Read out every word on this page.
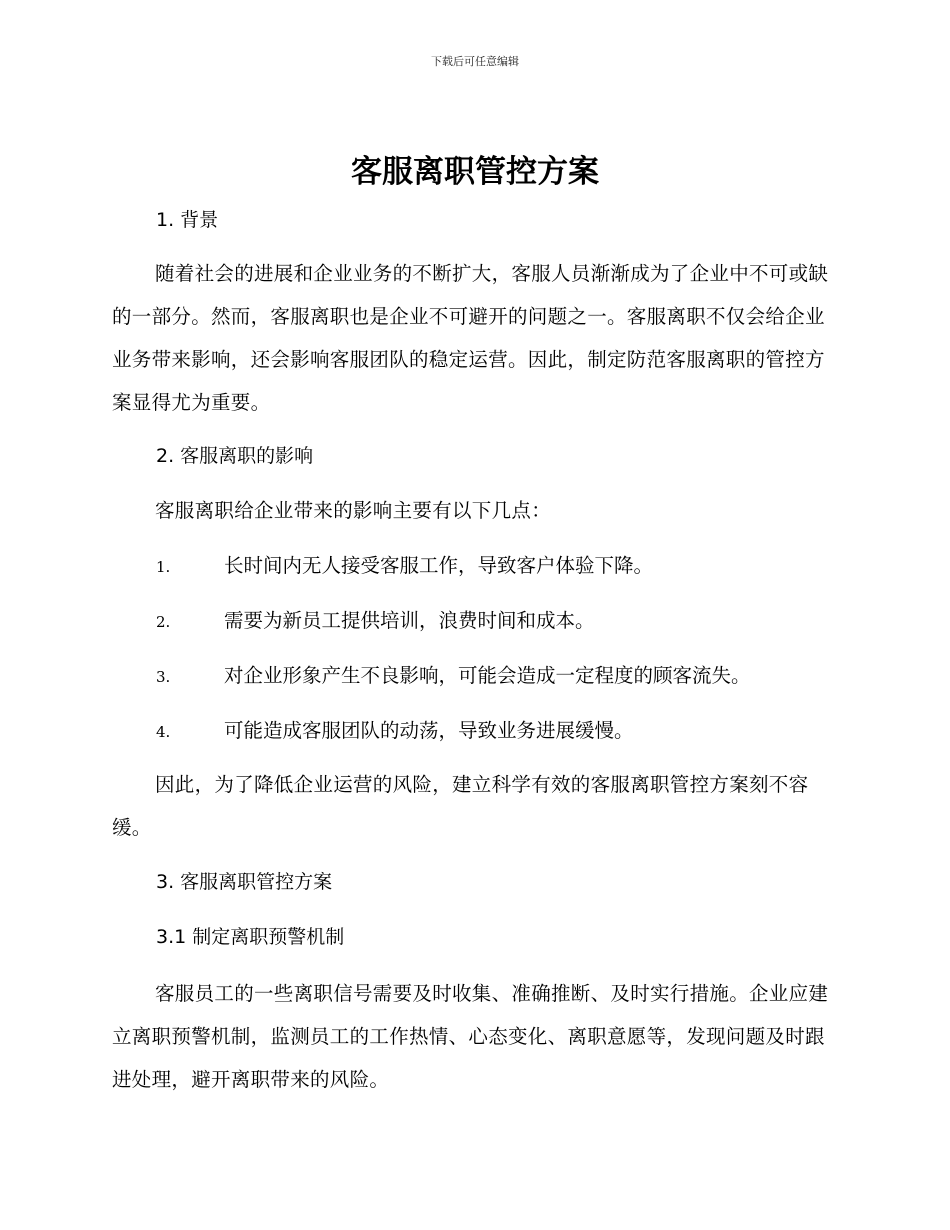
下载后可任意编辑
客服离职管控方案
1. 背景
随着社会的进展和企业业务的不断扩大，客服人员渐渐成为了企业中不可或缺的一部分。然而，客服离职也是企业不可避开的问题之一。客服离职不仅会给企业业务带来影响，还会影响客服团队的稳定运营。因此，制定防范客服离职的管控方案显得尤为重要。
2. 客服离职的影响
客服离职给企业带来的影响主要有以下几点：
1.	长时间内无人接受客服工作，导致客户体验下降。
2.	需要为新员工提供培训，浪费时间和成本。
3.	对企业形象产生不良影响，可能会造成一定程度的顾客流失。
4.	可能造成客服团队的动荡，导致业务进展缓慢。
因此，为了降低企业运营的风险，建立科学有效的客服离职管控方案刻不容缓。
3. 客服离职管控方案
3.1 制定离职预警机制
客服员工的一些离职信号需要及时收集、准确推断、及时实行措施。企业应建立离职预警机制，监测员工的工作热情、心态变化、离职意愿等，发现问题及时跟进处理，避开离职带来的风险。
